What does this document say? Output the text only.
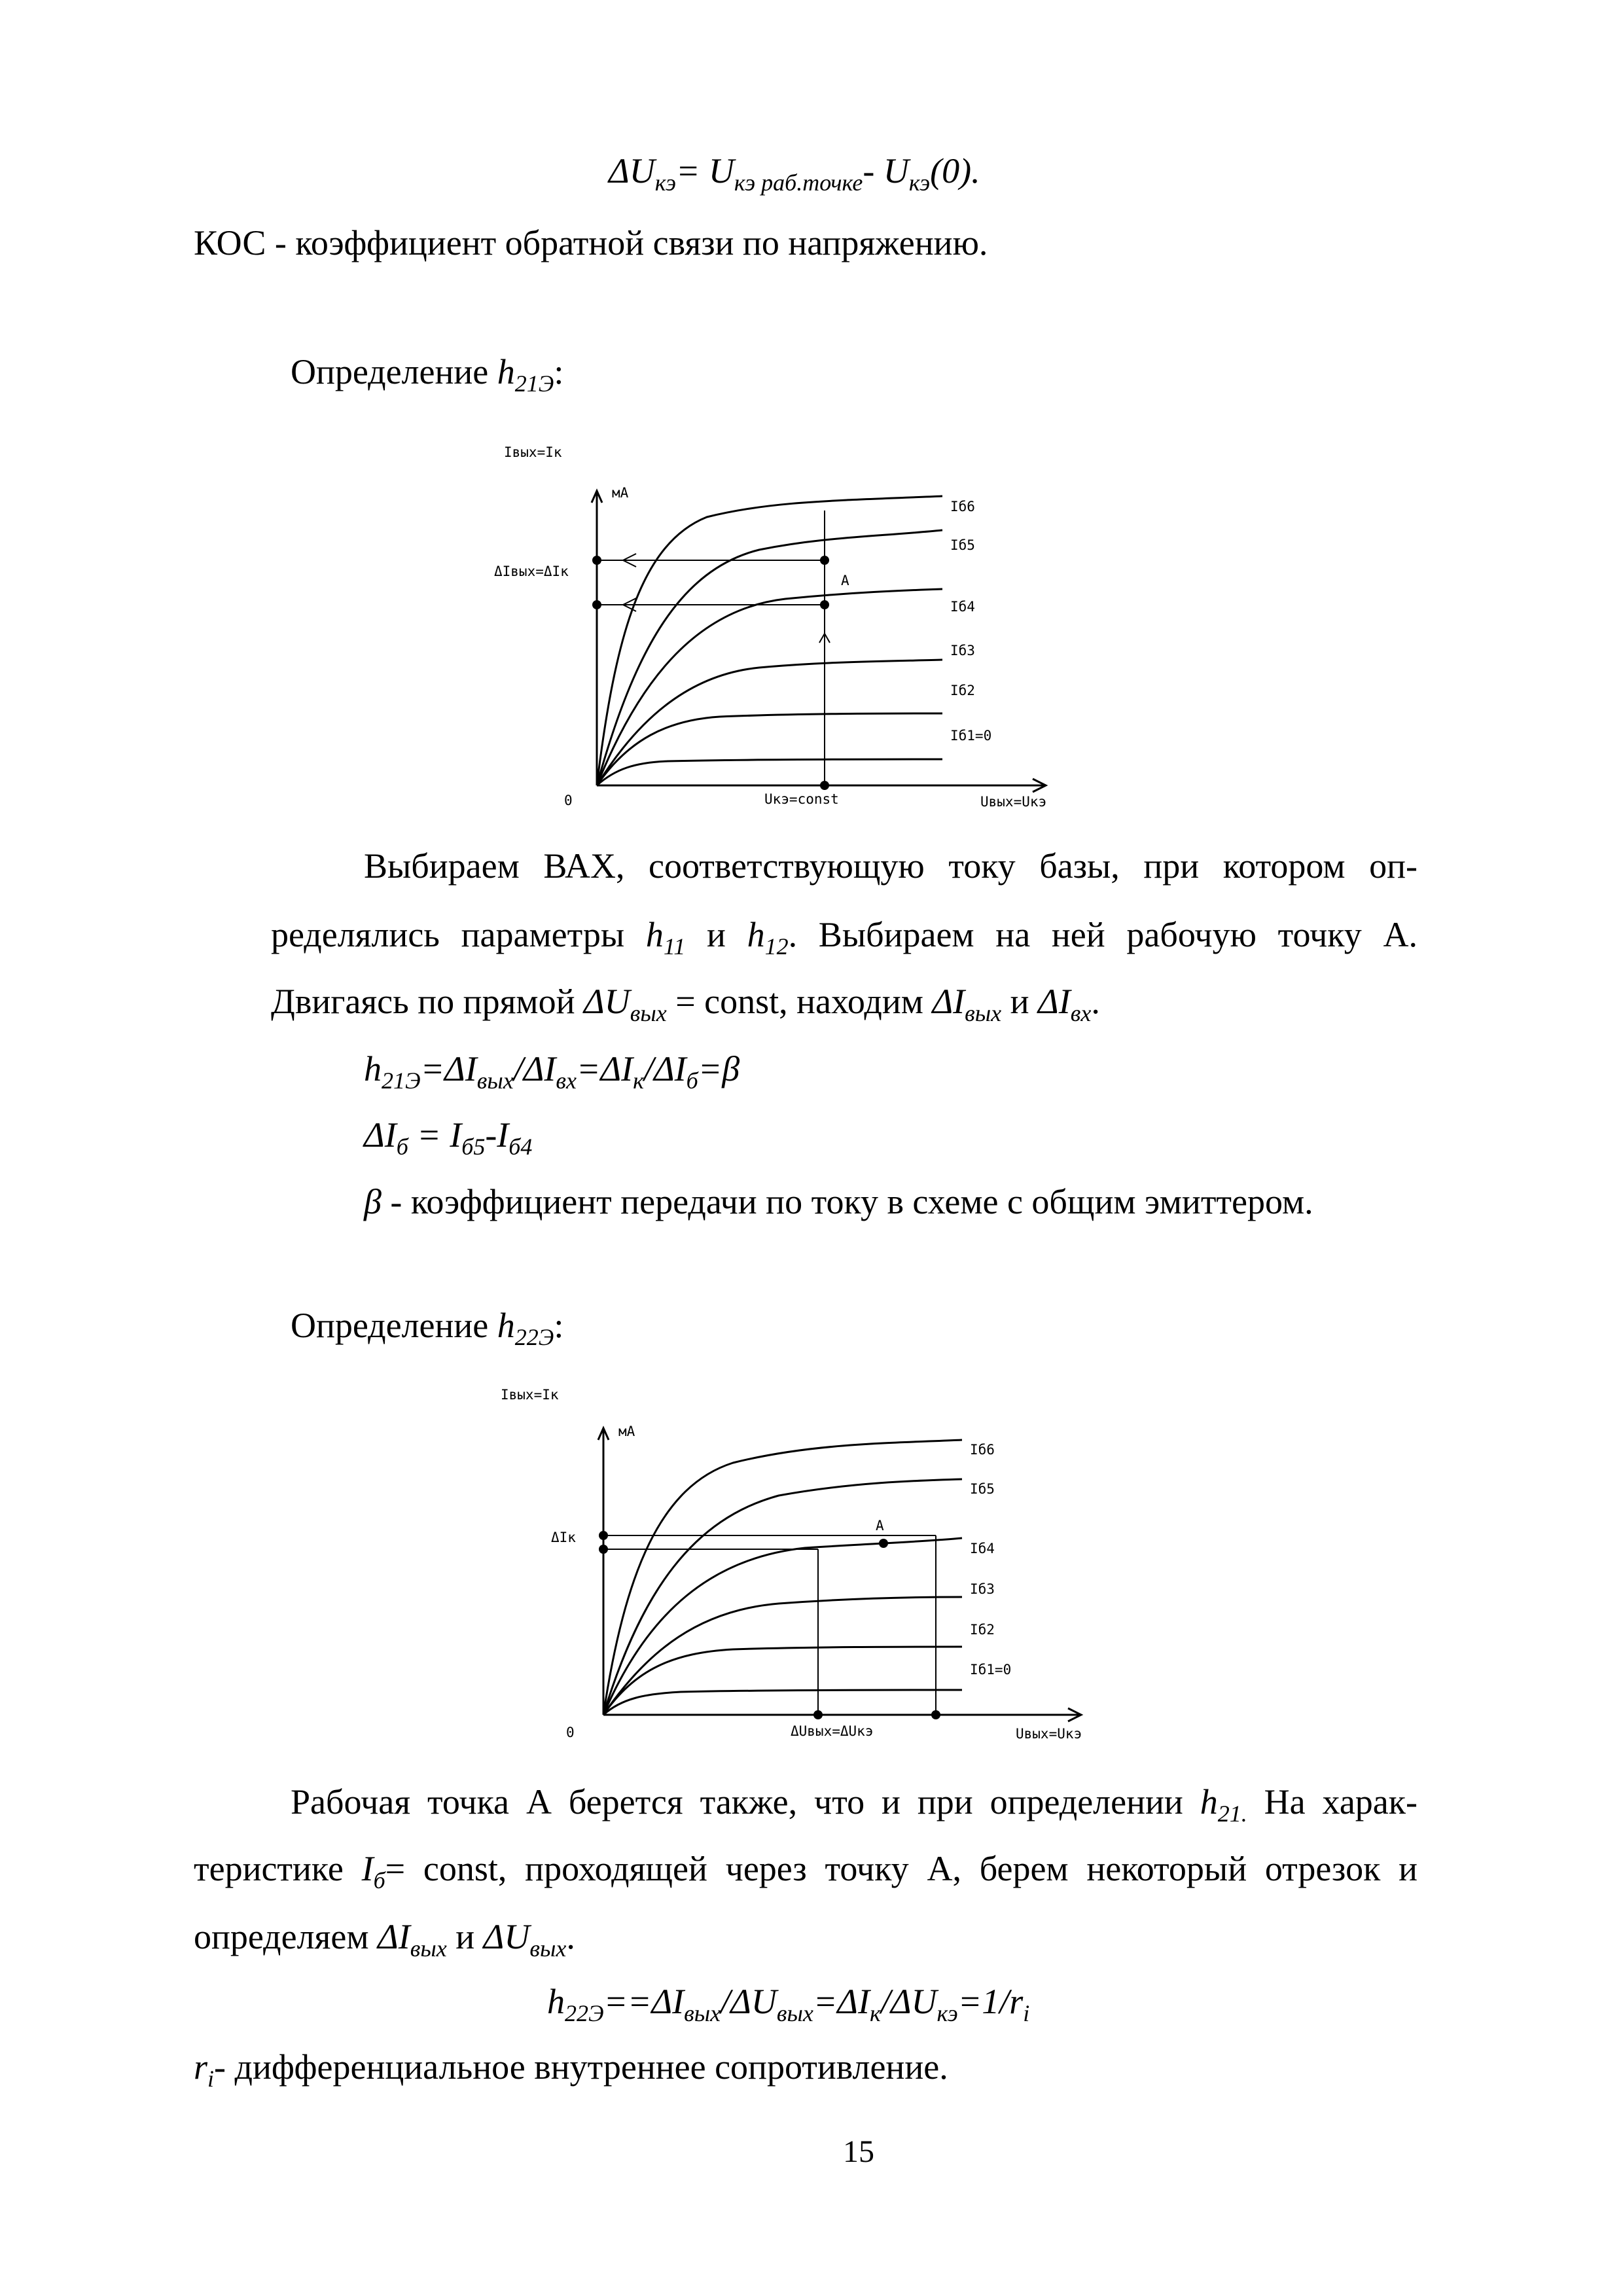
$\Delta U_{кэ}= U_{кэ раб.точке}-$ $U_{кэ}(0)$.
КОС - коэффициент обратной связи по напряжению.
Определение $h_{21Э}$:
Iвых=Iк
мА
Iб6
Iб5
Iб4
Iб3
Iб2
Iб1=0
A
ΔIвых=ΔIк
0	Uкэ=const	Uвых=Uкэ
Выбираем ВАХ, соответствующую току базы, при котором оп-
ределялись параметры $h_{11}$ и $h_{12}$. Выбираем на ней рабочую точку А.
Двигаясь по прямой $\Delta U_{вых}$ = const, находим $\Delta I_{вых}$ и $\Delta I_{вх}$.
$h_{21Э}=\Delta I_{вых}/\Delta I_{вх}=\Delta I_к/\Delta I_б=\beta$
$\Delta I_б = I_{б5}-I_{б4}$
β - коэффициент передачи по току в схеме с общим эмиттером.
Определение $h_{22Э}$:
Iвых=Iк
мА
Iб6
Iб5
Iб4
Iб3
Iб2
Iб1=0
A
ΔIк
0	ΔUвых=ΔUкэ	Uвых=Uкэ
Рабочая точка А берется также, что и при определении $h_{21.}$ На харак-
теристике $I_б=$ const, проходящей через точку А, берем некоторый отрезок и
определяем $\Delta I_{вых}$ и $\Delta U_{вых}$.
$h_{22Э}==\Delta I_{вых}/\Delta U_{вых}=\Delta I_к/\Delta U_{кэ}=1/r_i$
$r_i-$ дифференциальное внутреннее сопротивление.
15
